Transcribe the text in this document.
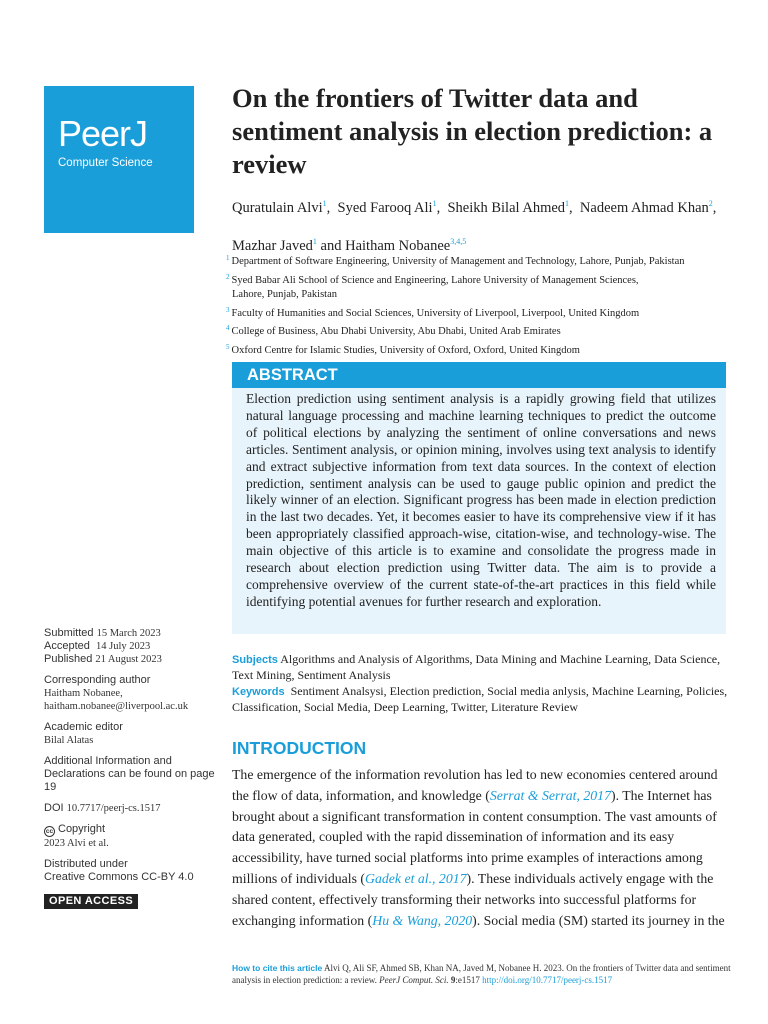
PeerJ
Computer Science
On the frontiers of Twitter data and sentiment analysis in election prediction: a review
Quratulain Alvi$^1$,  Syed Farooq Ali$^1$,  Sheikh Bilal Ahmed$^1$,  Nadeem Ahmad Khan$^2$,
Mazhar Javed$^1$ and Haitham Nobanee$^{3,4,5}$
$^1$ Department of Software Engineering, University of Management and Technology, Lahore, Punjab, Pakistan
$^2$ Syed Babar Ali School of Science and Engineering, Lahore University of Management Sciences,
Lahore, Punjab, Pakistan
$^3$ Faculty of Humanities and Social Sciences, University of Liverpool, Liverpool, United Kingdom
$^4$ College of Business, Abu Dhabi University, Abu Dhabi, United Arab Emirates
$^5$ Oxford Centre for Islamic Studies, University of Oxford, Oxford, United Kingdom
ABSTRACT
Election prediction using sentiment analysis is a rapidly growing field that utilizes natural language processing and machine learning techniques to predict the outcome of political elections by analyzing the sentiment of online conversations and news articles. Sentiment analysis, or opinion mining, involves using text analysis to identify and extract subjective information from text data sources. In the context of election prediction, sentiment analysis can be used to gauge public opinion and predict the likely winner of an election. Significant progress has been made in election prediction in the last two decades. Yet, it becomes easier to have its comprehensive view if it has been appropriately classified approach-wise, citation-wise, and technology-wise. The main objective of this article is to examine and consolidate the progress made in research about election prediction using Twitter data. The aim is to provide a comprehensive overview of the current state-of-the-art practices in this field while identifying potential avenues for further research and exploration.
Submitted 15 March 2023
Accepted 14 July 2023
Published 21 August 2023
Corresponding author
Haitham Nobanee,
haitham.nobanee@liverpool.ac.uk
Academic editor
Bilal Alatas
Additional Information and Declarations can be found on page 19
DOI 10.7717/peerj-cs.1517
cc Copyright
2023 Alvi et al.
Distributed under
Creative Commons CC-BY 4.0
OPEN ACCESS
Subjects Algorithms and Analysis of Algorithms, Data Mining and Machine Learning, Data Science, Text Mining, Sentiment Analysis
Keywords Sentiment Analsysi, Election prediction, Social media anlysis, Machine Learning, Policies, Classification, Social Media, Deep Learning, Twitter, Literature Review
INTRODUCTION

The emergence of the information revolution has led to new economies centered around the flow of data, information, and knowledge (Serrat & Serrat, 2017). The Internet has brought about a significant transformation in content consumption. The vast amounts of data generated, coupled with the rapid dissemination of information and its easy accessibility, have turned social platforms into prime examples of interactions among millions of individuals (Gadek et al., 2017). These individuals actively engage with the shared content, effectively transforming their networks into successful platforms for exchanging information (Hu & Wang, 2020). Social media (SM) started its journey in the

How to cite this article Alvi Q, Ali SF, Ahmed SB, Khan NA, Javed M, Nobanee H. 2023. On the frontiers of Twitter data and sentiment analysis in election prediction: a review. PeerJ Comput. Sci. 9:e1517 http://doi.org/10.7717/peerj-cs.1517
